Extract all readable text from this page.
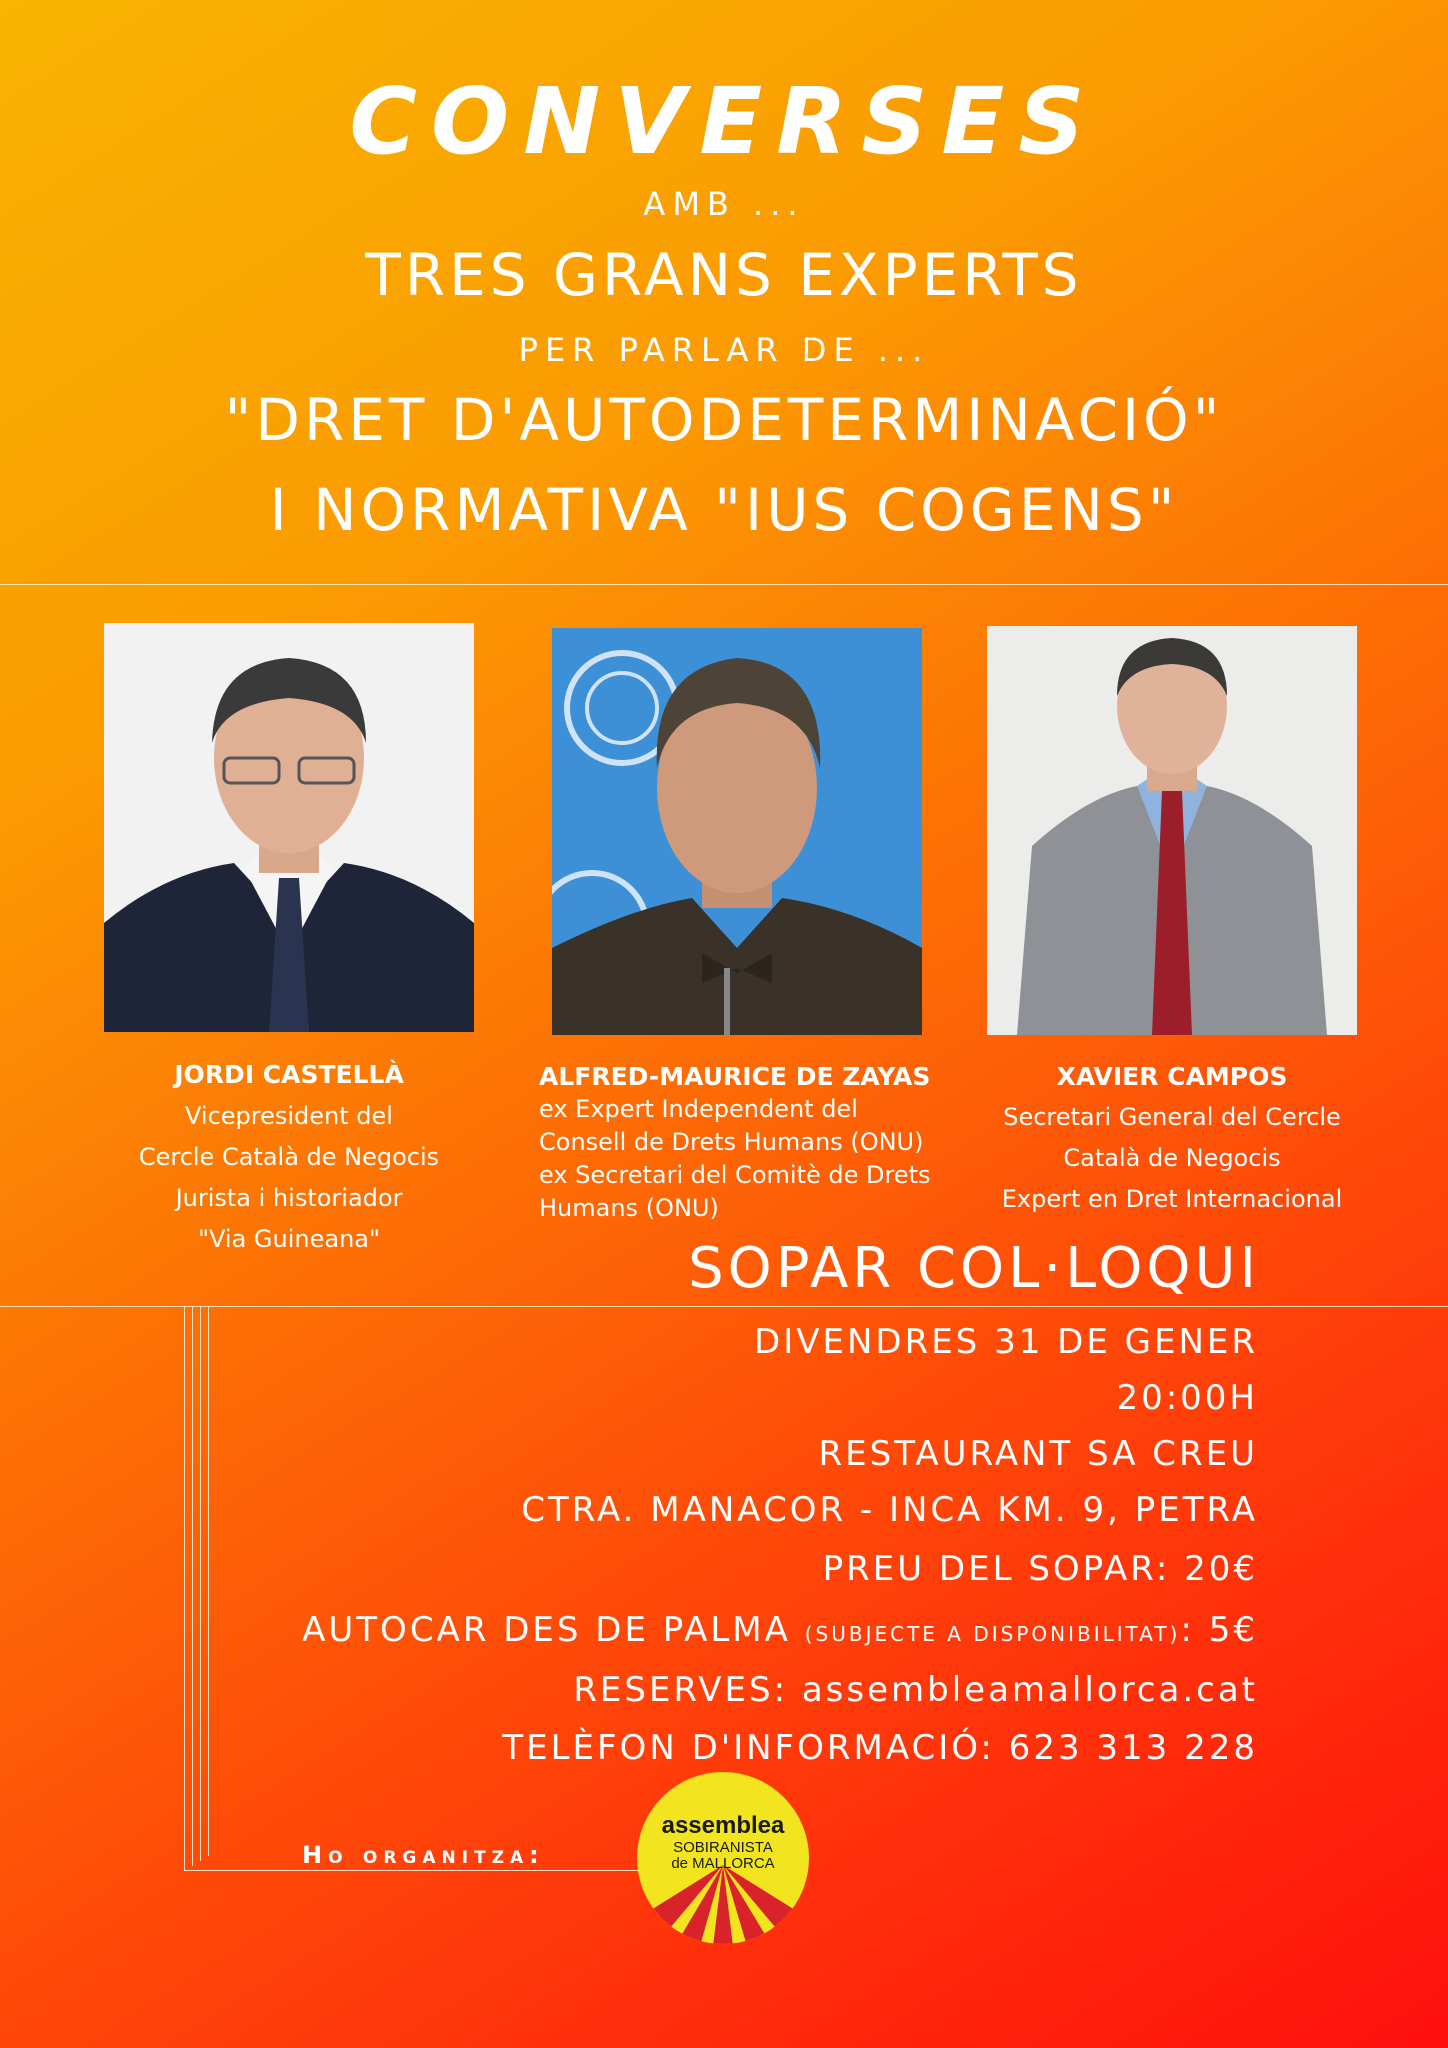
CONVERSES
AMB ...
TRES GRANS EXPERTS
PER PARLAR DE ...
"DRET D'AUTODETERMINACIÓ"
I NORMATIVA "IUS COGENS"
JORDI CASTELLÀ
Vicepresident del
Cercle Català de Negocis
Jurista i historiador
"Via Guineana"
ALFRED-MAURICE DE ZAYAS
ex Expert Independent del
Consell de Drets Humans (ONU)
ex Secretari del Comitè de Drets
Humans (ONU)
XAVIER CAMPOS
Secretari General del Cercle
Català de Negocis
Expert en Dret Internacional
SOPAR COL·LOQUI
DIVENDRES 31 DE GENER
20:00H
RESTAURANT SA CREU
CTRA. MANACOR - INCA KM. 9, PETRA
PREU DEL SOPAR: 20€
AUTOCAR DES DE PALMA (SUBJECTE A DISPONIBILITAT): 5€
RESERVES: assembleamallorca.cat
TELÈFON D'INFORMACIÓ: 623 313 228
Ho organitza:
assemblea
SOBIRANISTA
de MALLORCA
